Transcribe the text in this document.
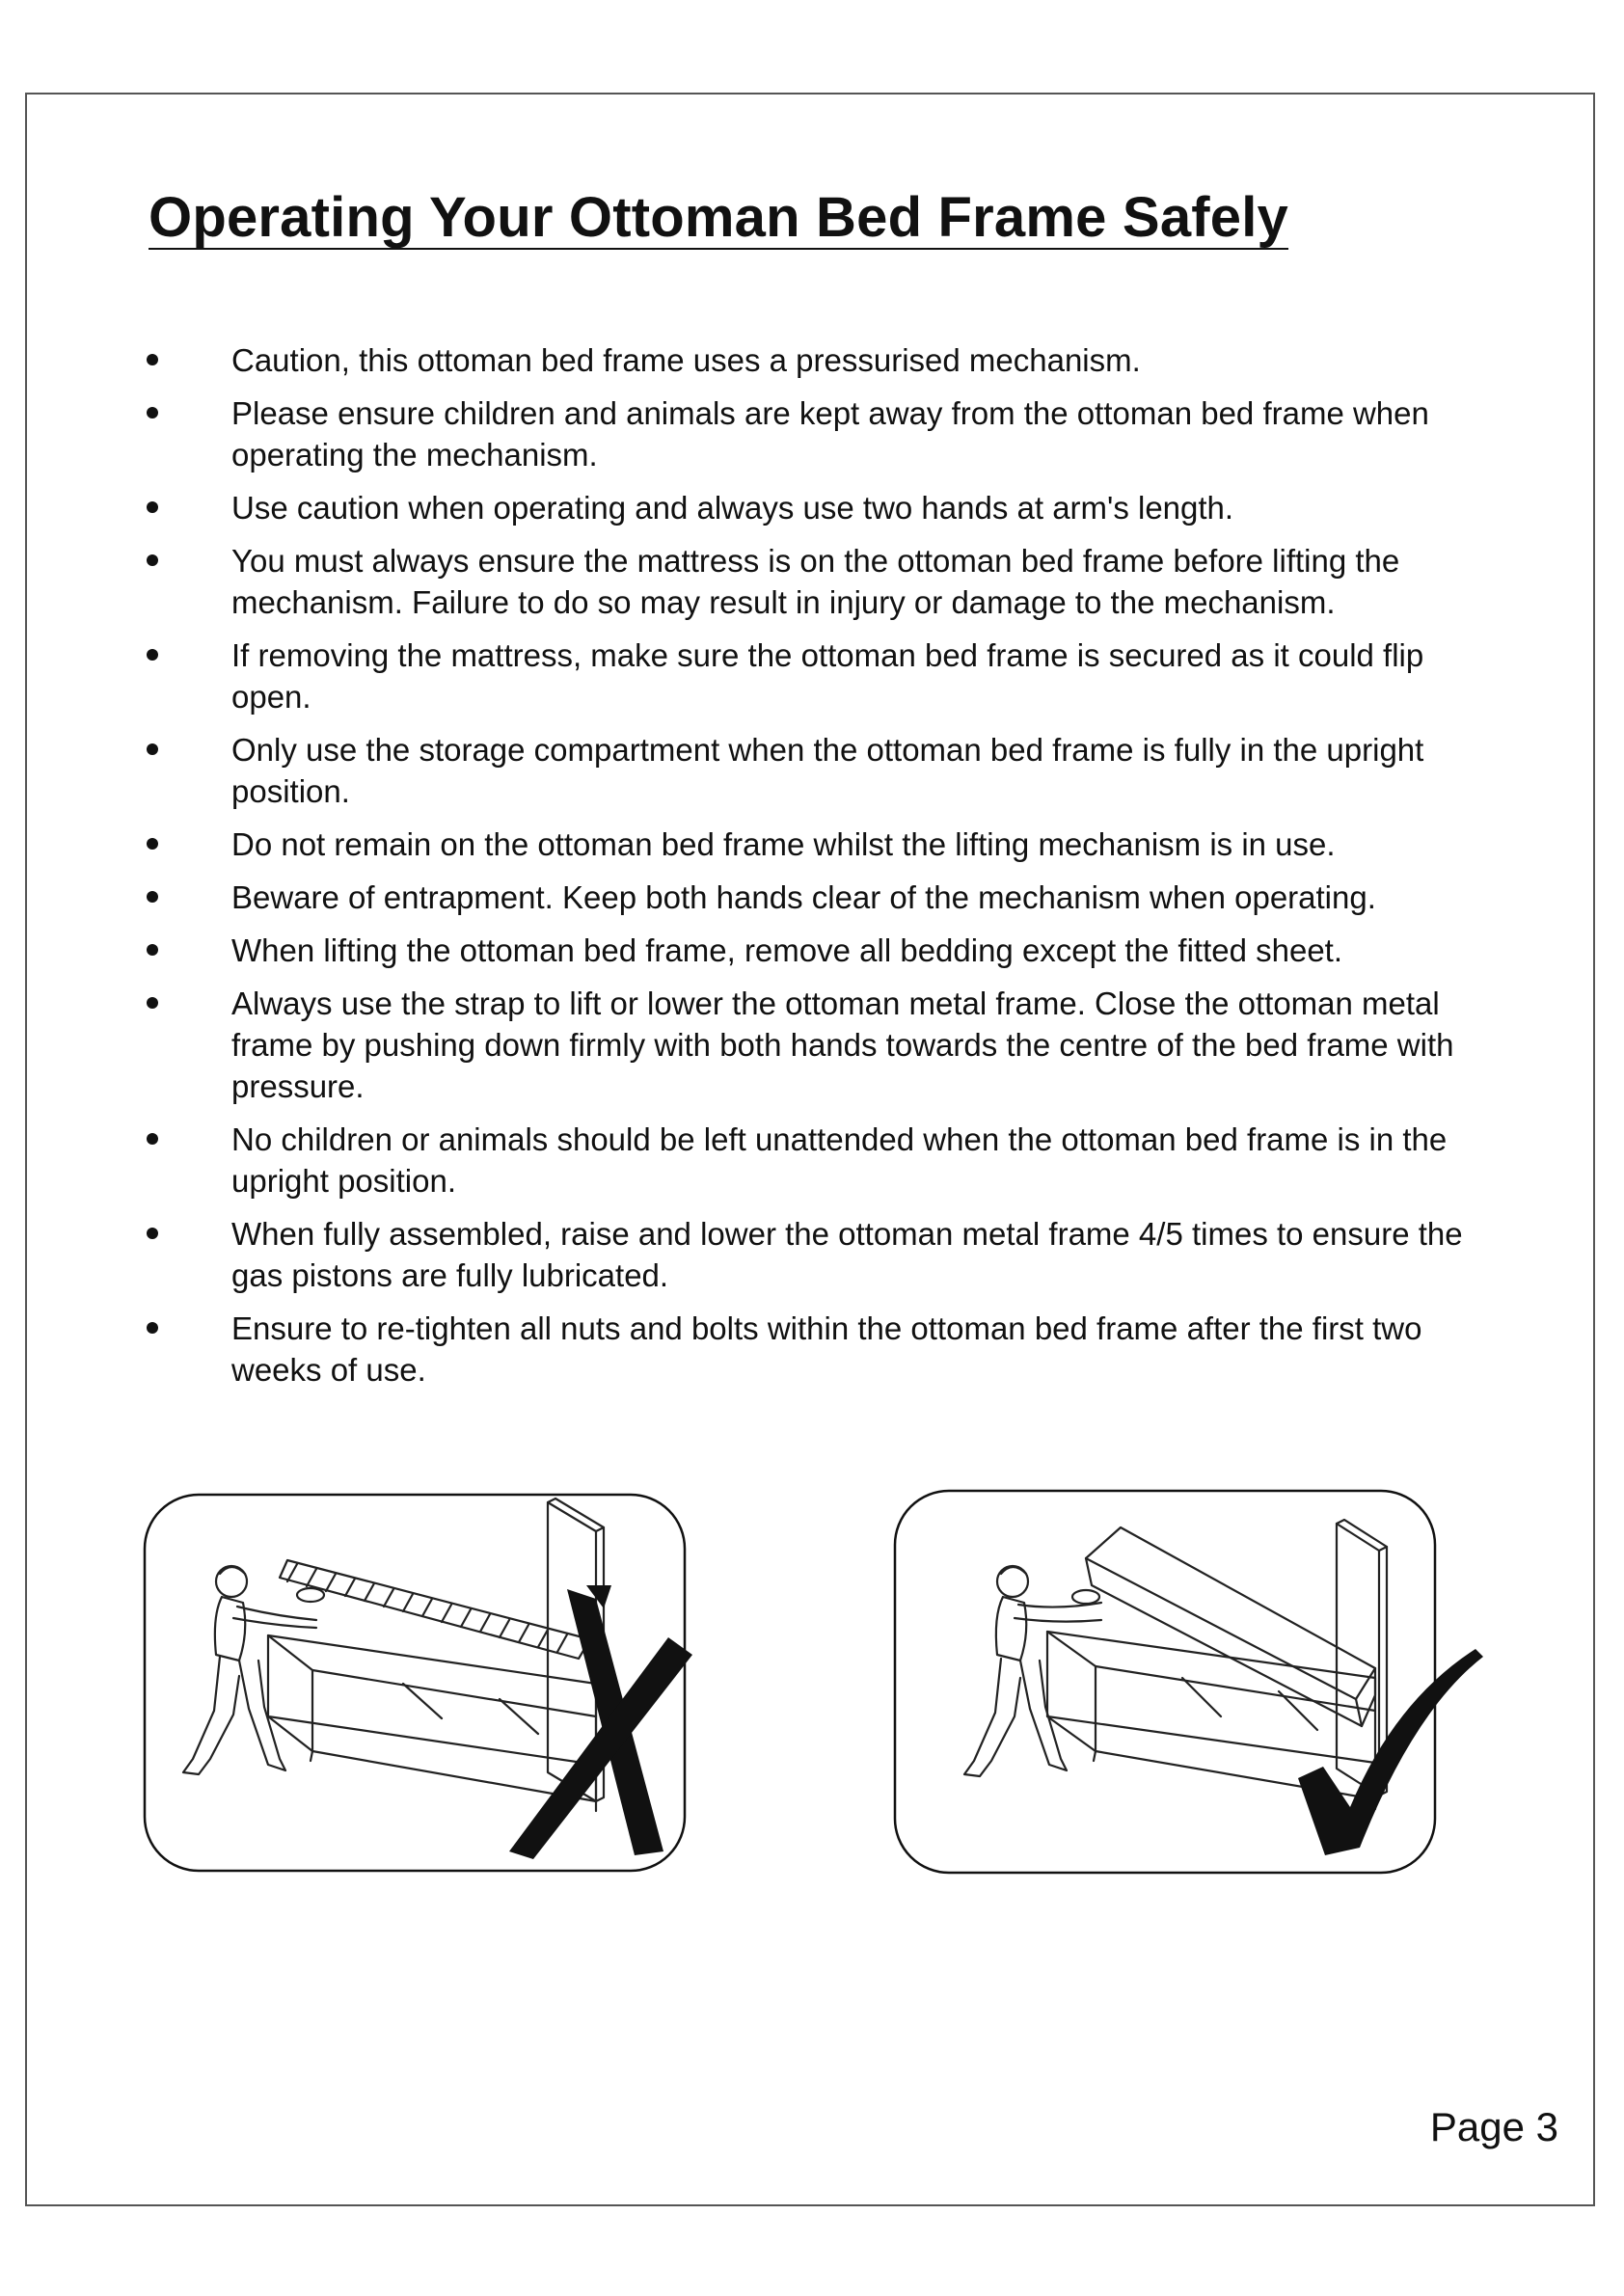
Operating Your Ottoman Bed Frame Safely
Caution, this ottoman bed frame uses a pressurised mechanism.
Please ensure children and animals are kept away from the ottoman bed frame when operating the mechanism.
Use caution when operating and always use two hands at arm's length.
You must always ensure the mattress is on the ottoman bed frame before lifting the mechanism. Failure to do so may result in injury or damage to the mechanism.
If removing the mattress, make sure the ottoman bed frame is secured as it could flip open.
Only use the storage compartment when the ottoman bed frame is fully in the upright position.
Do not remain on the ottoman bed frame whilst the lifting mechanism is in use.
Beware of entrapment. Keep both hands clear of the mechanism when operating.
When lifting the ottoman bed frame, remove all bedding except the fitted sheet.
Always use the strap to lift or lower the ottoman metal frame. Close the ottoman metal frame by pushing down firmly with both hands towards the centre of the bed frame with pressure.
No children or animals should be left unattended when the ottoman bed frame is in the upright position.
When fully assembled, raise and lower the ottoman metal frame 4/5 times to ensure the gas pistons are fully lubricated.
Ensure to re-tighten all nuts and bolts within the ottoman bed frame after the first two weeks of use.
Page 3
